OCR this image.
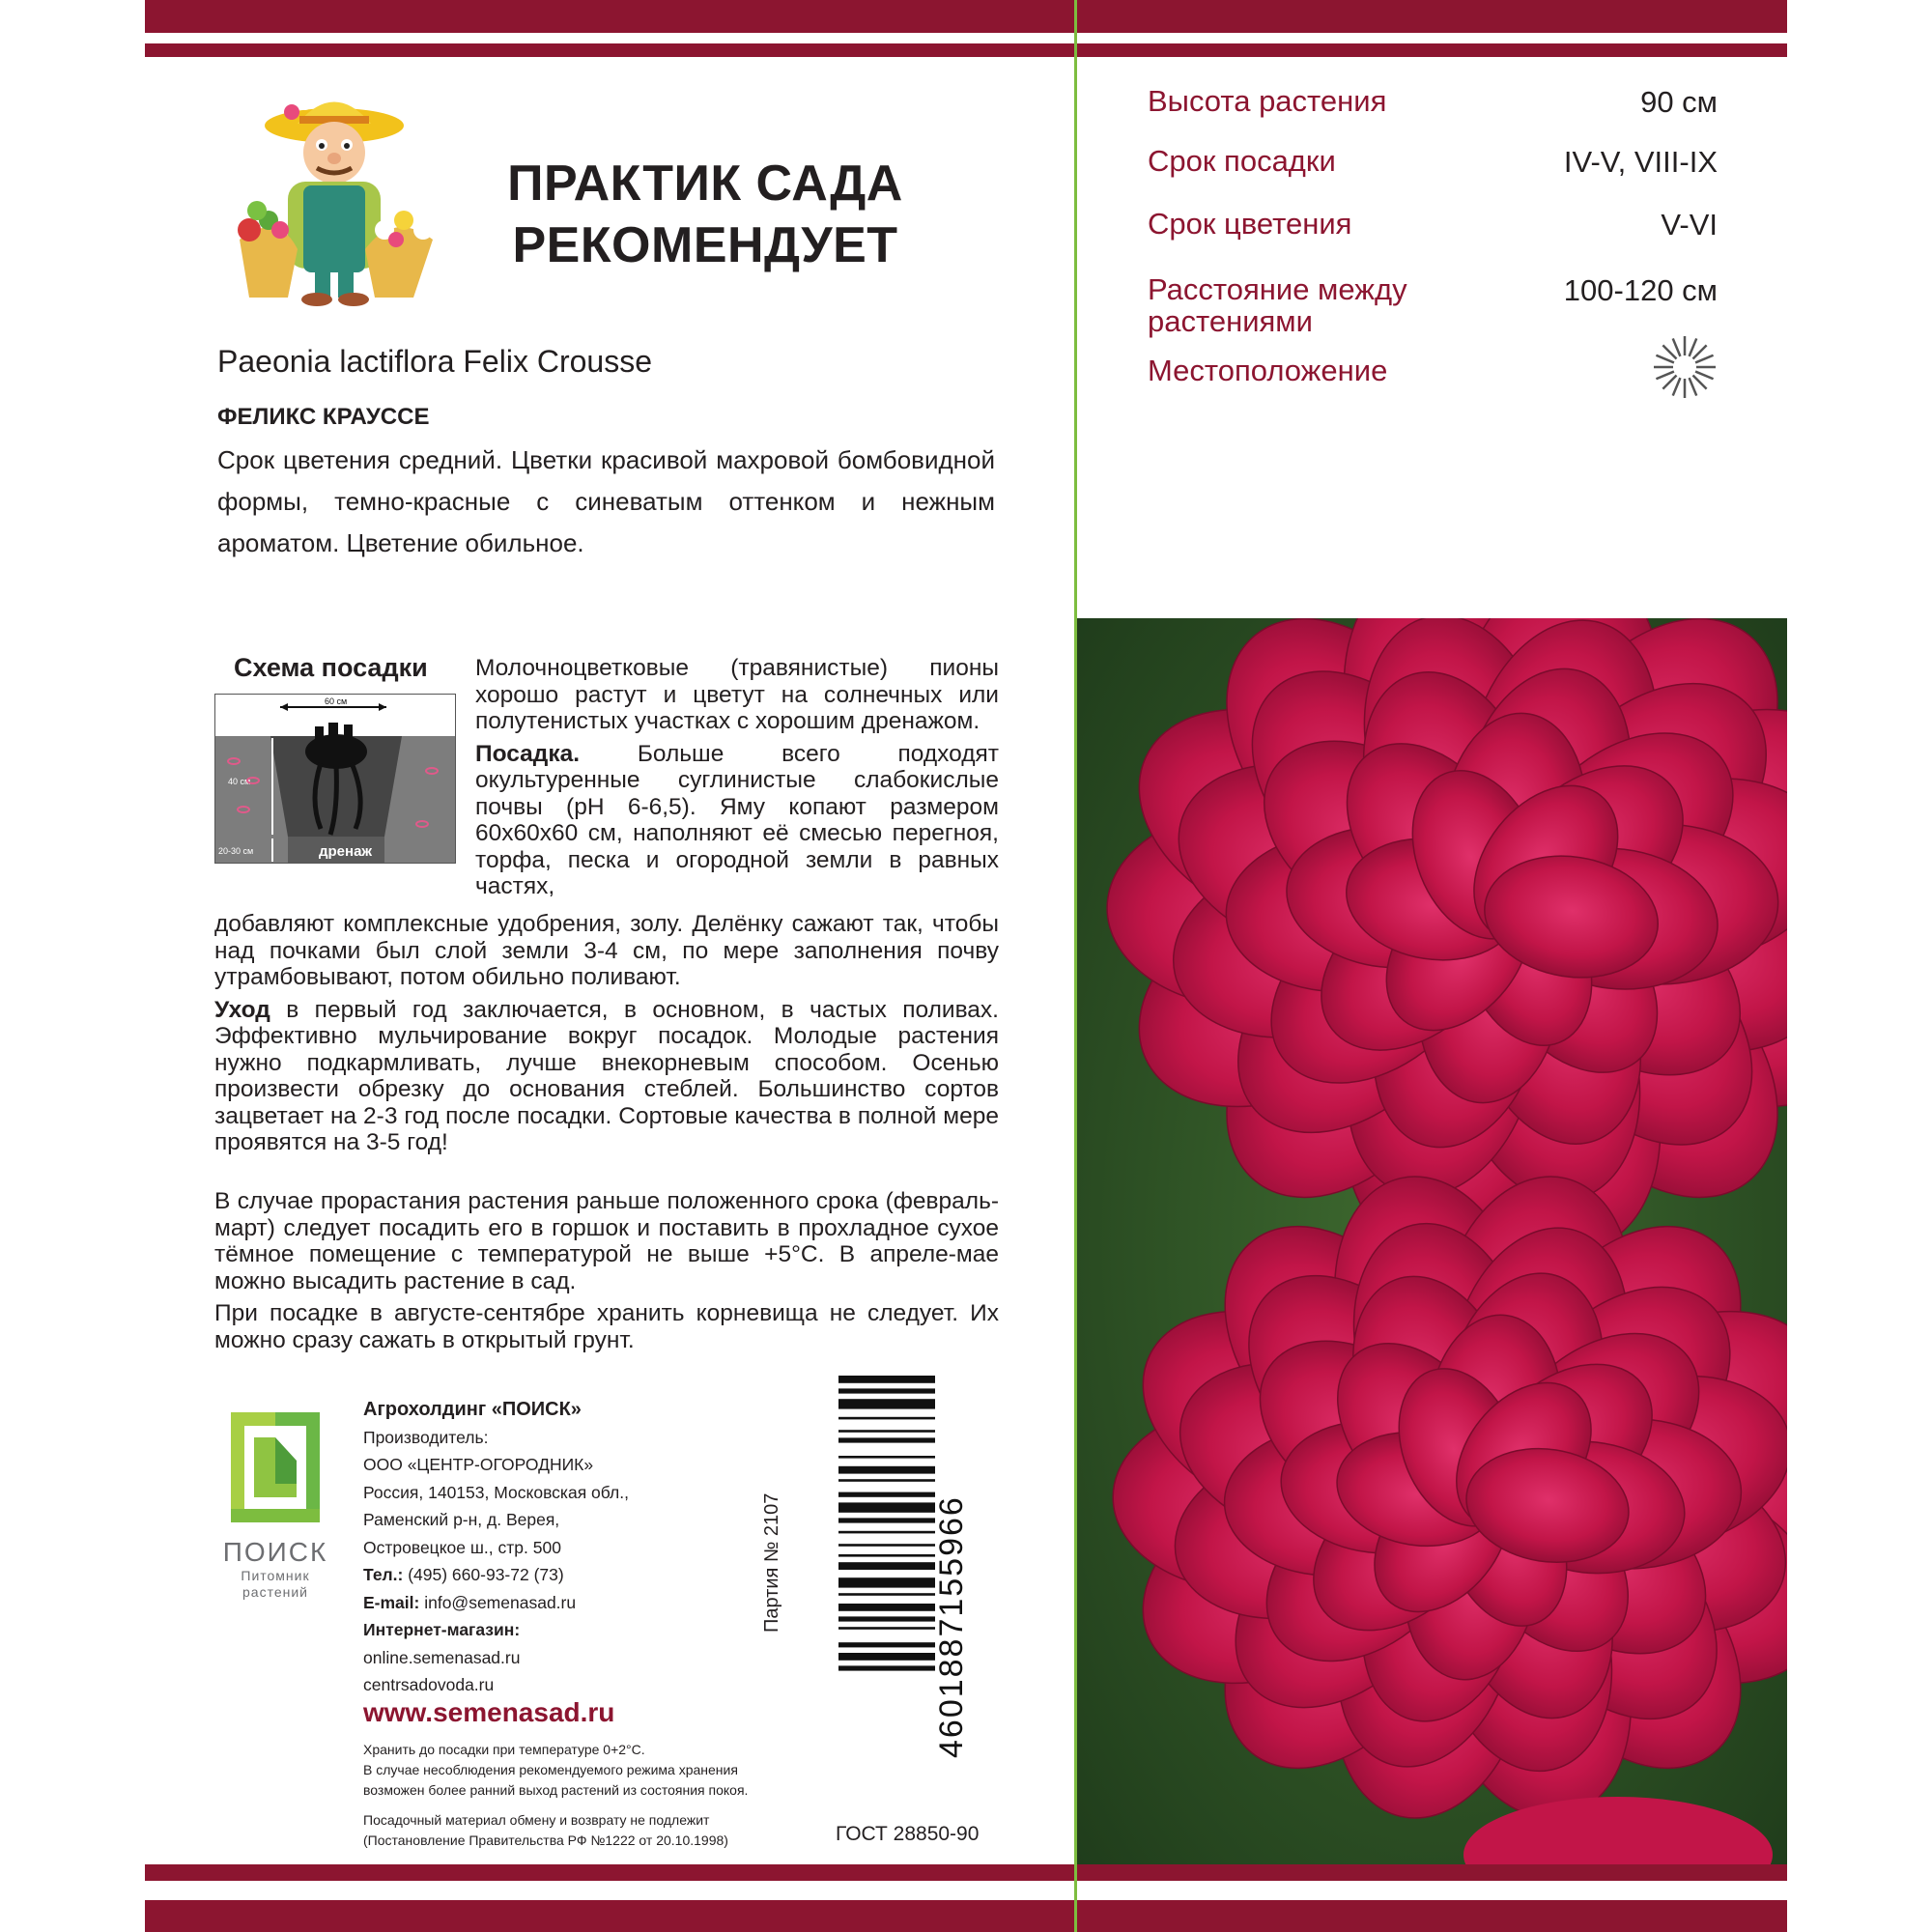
ПРАКТИК САДА
РЕКОМЕНДУЕТ
Paeonia lactiflora Felix Crousse
ФЕЛИКС КРАУССЕ
Срок цветения средний. Цветки красивой махровой бомбовидной формы, темно-красные с синеватым оттенком и нежным ароматом. Цветение обильное.
Схема посадки
60 см
40 см
20-30 см	дренаж

Молочноцветковые (травянистые) пионы хорошо растут и цветут на солнечных или полутенистых участках с хорошим дренажом.

Посадка. Больше всего подходят окультуренные суглинистые слабокислые почвы (pH 6-6,5). Яму копают размером 60х60х60 см, наполняют её смесью перегноя, торфа, песка и огородной земли в равных частях,

добавляют комплексные удобрения, золу. Делёнку сажают так, чтобы над почками был слой земли 3-4 см, по мере заполнения почву утрамбовывают, потом обильно поливают.

Уход в первый год заключается, в основном, в частых поливах. Эффективно мульчирование вокруг посадок. Молодые растения нужно подкармливать, лучше внекорневым способом. Осенью произвести обрезку до основания стеблей. Большинство сортов зацветает на 2-3 год после посадки. Сортовые качества в полной мере проявятся на 3-5 год!

В случае прорастания растения раньше положенного срока (февраль-март) следует посадить его в горшок и поставить в прохладное сухое тёмное помещение с температурой не выше +5°С. В апреле-мае можно высадить растение в сад.

При посадке в августе-сентябре хранить корневища не следует. Их можно сразу сажать в открытый грунт.

ПОИСК
Питомник
растений
Агрохолдинг «ПОИСК»
Производитель:
ООО «ЦЕНТР-ОГОРОДНИК»
Россия, 140153, Московская обл.,
Раменский р-н, д. Верея,
Островецкое ш., стр. 500
Тел.: (495) 660-93-72 (73)
E-mail: info@semenasad.ru
Интернет-магазин:
online.semenasad.ru
centrsadovoda.ru
www.semenasad.ru
Хранить до посадки при температуре 0+2°С.
В случае несоблюдения рекомендуемого режима хранения
возможен более ранний выход растений из состояния покоя.
Посадочный материал обмену и возврату не подлежит
(Постановление Правительства РФ №1222 от 20.10.1998)	ГОСТ 28850-90
Партия № 2107	4601887155966
Высота растения	90 см
Срок посадки	IV-V, VIII-IX
Срок цветения	V-VI
Расстояние между растениями
100-120 см
Местоположение
